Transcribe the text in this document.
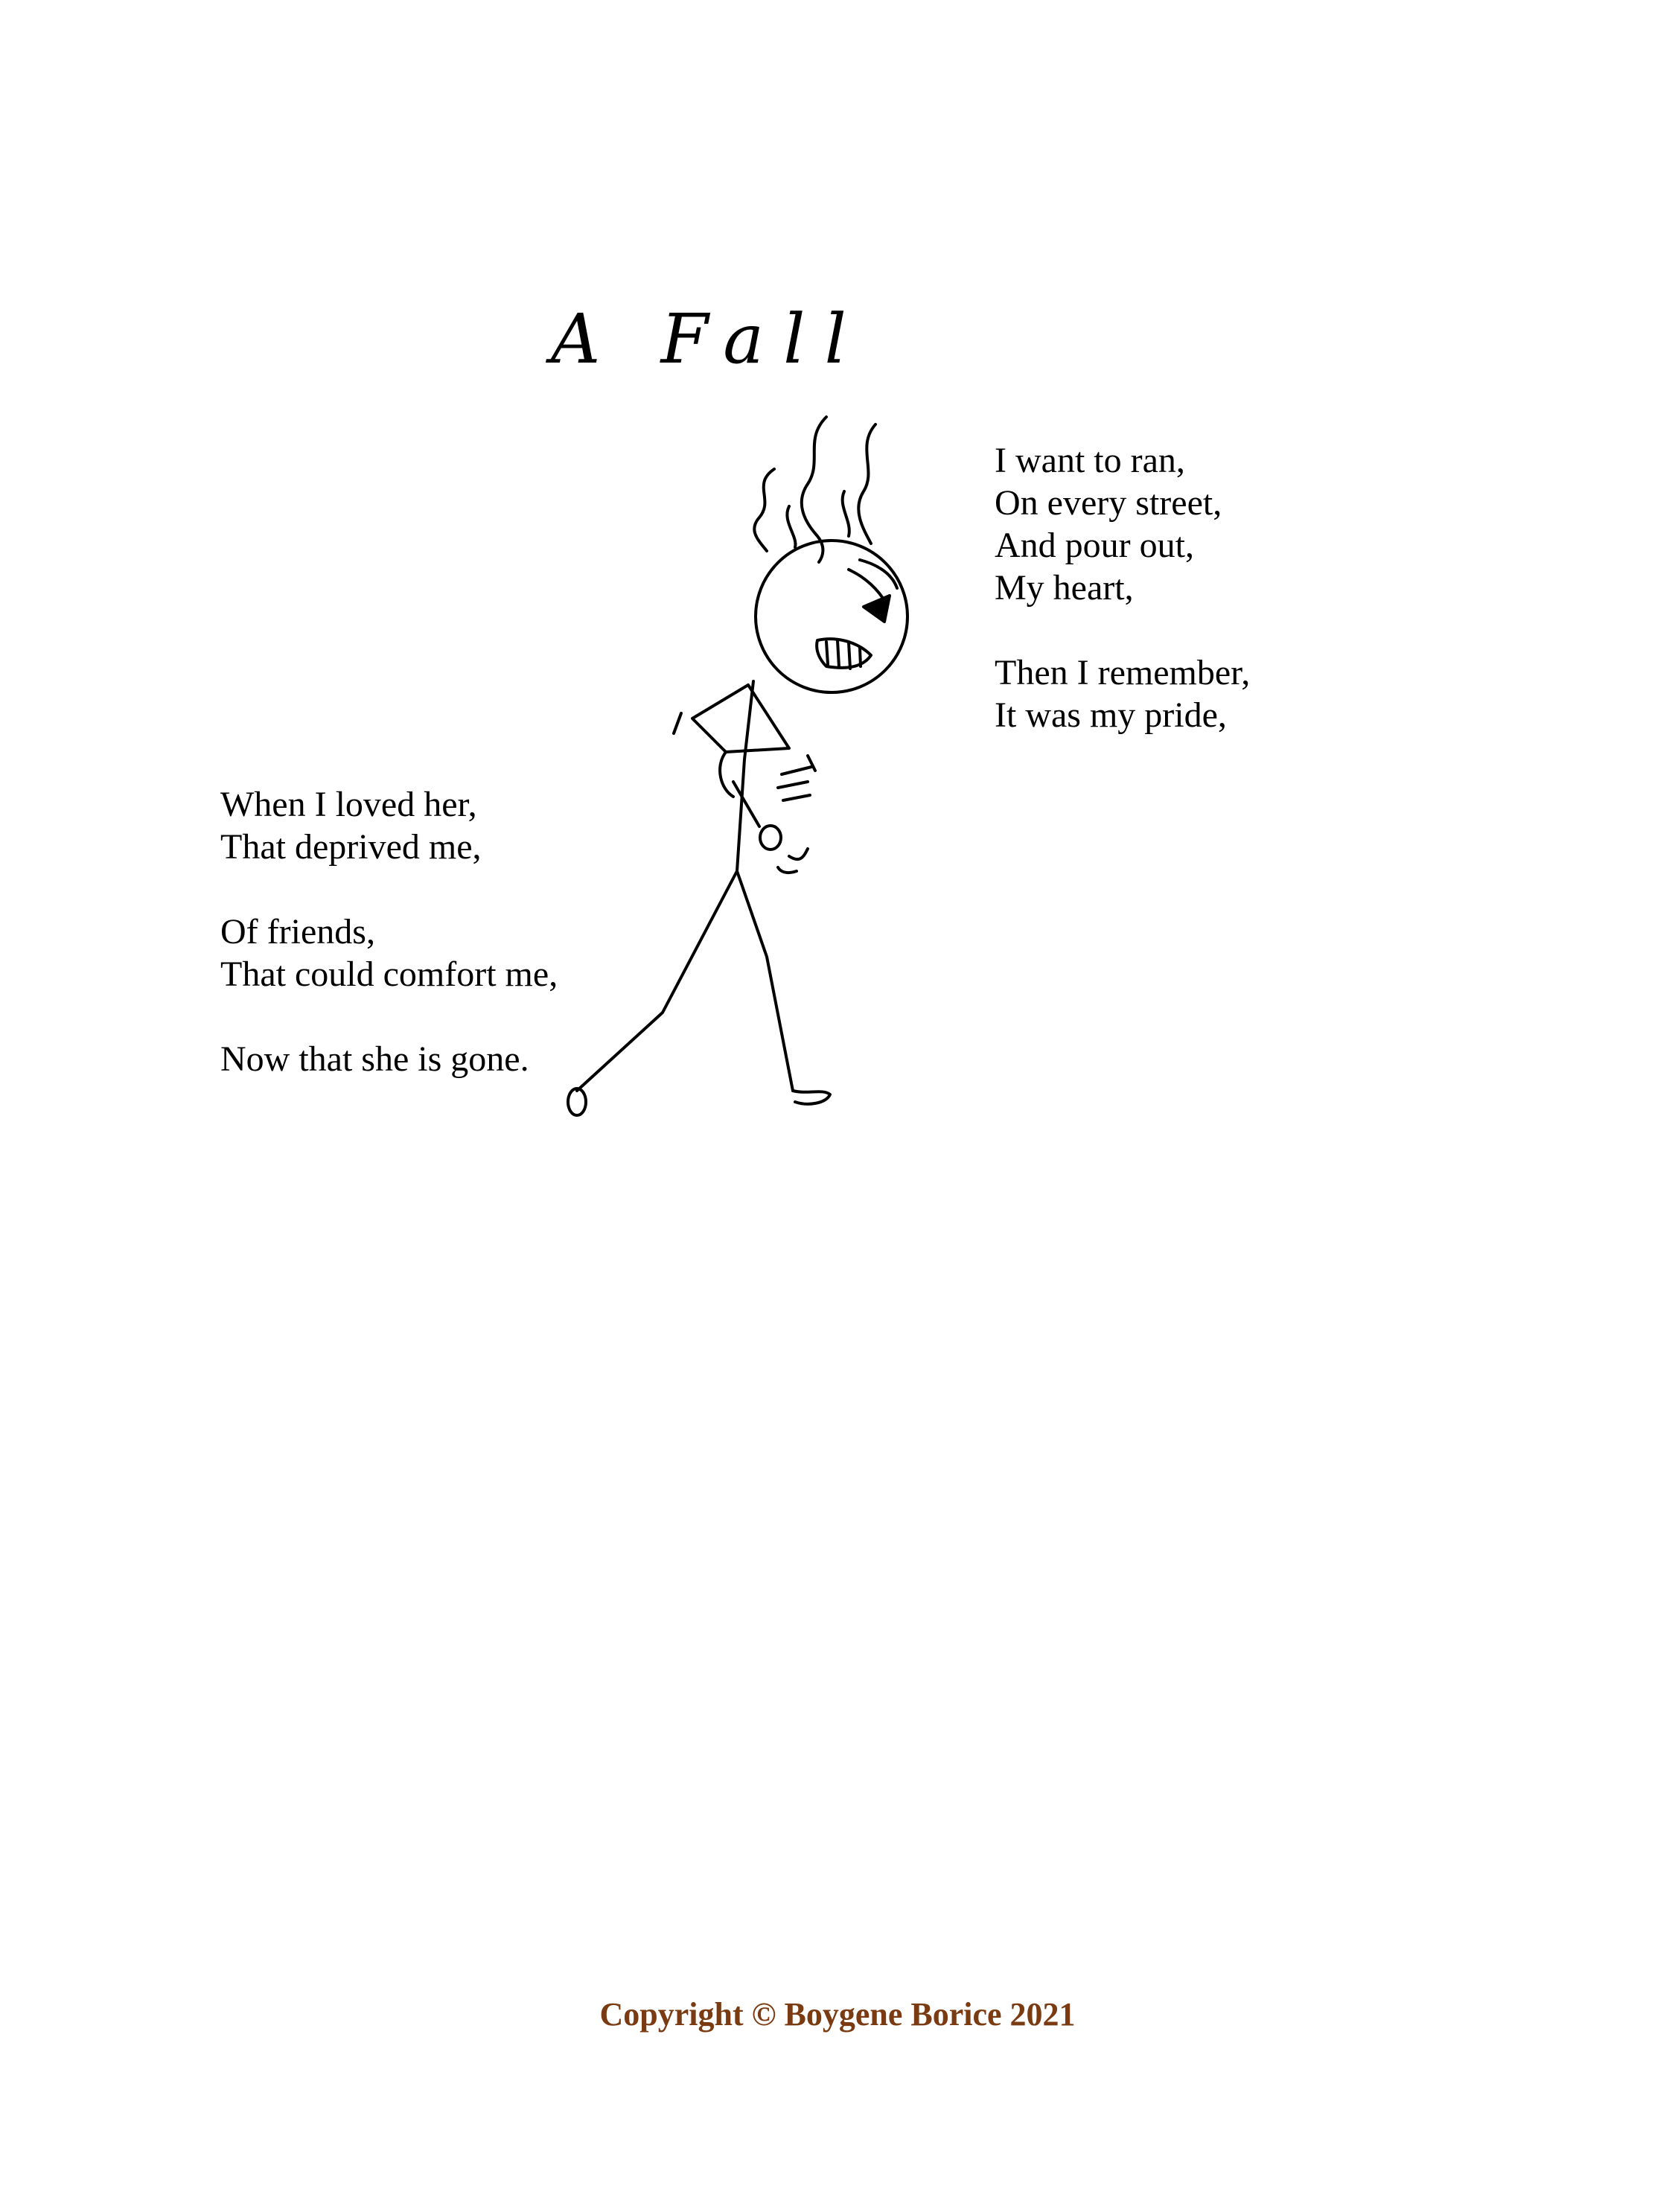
A Fall
I want to ran,
On every street,
And pour out,
My heart,
Then I remember,
It was my pride,
When I loved her,
That deprived me,
Of friends,
That could comfort me,
Now that she is gone.
Copyright © Boygene Borice 2021
